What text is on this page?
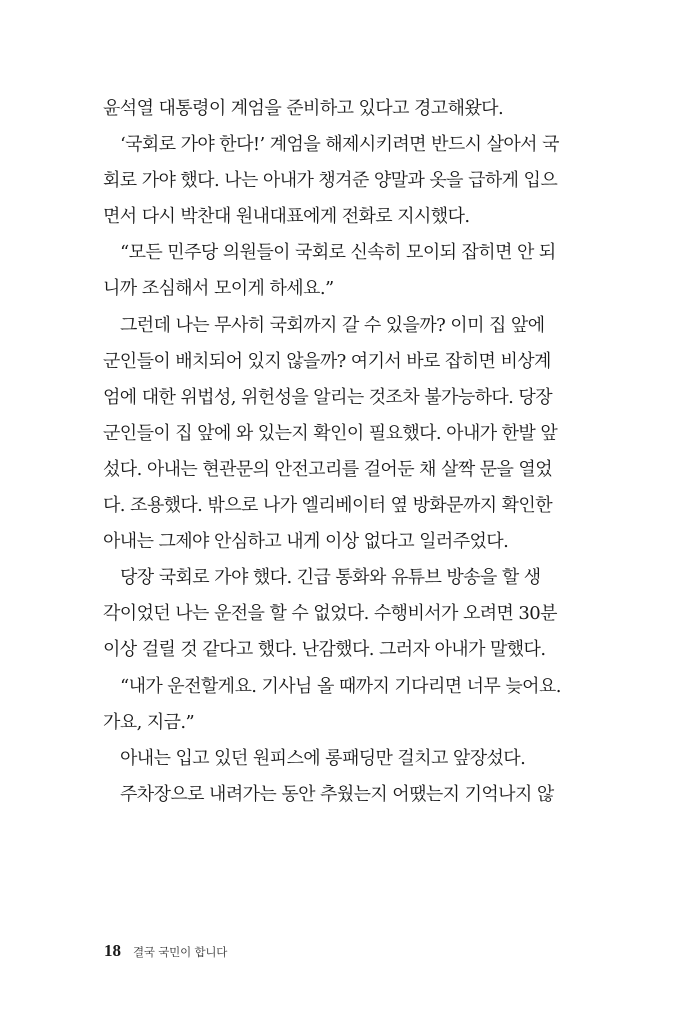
윤석열 대통령이 계엄을 준비하고 있다고 경고해왔다.
‘국회로 가야 한다!’ 계엄을 해제시키려면 반드시 살아서 국
회로 가야 했다. 나는 아내가 챙겨준 양말과 옷을 급하게 입으
면서 다시 박찬대 원내대표에게 전화로 지시했다.
“모든 민주당 의원들이 국회로 신속히 모이되 잡히면 안 되
니까 조심해서 모이게 하세요.”
그런데 나는 무사히 국회까지 갈 수 있을까? 이미 집 앞에
군인들이 배치되어 있지 않을까? 여기서 바로 잡히면 비상계
엄에 대한 위법성, 위헌성을 알리는 것조차 불가능하다. 당장
군인들이 집 앞에 와 있는지 확인이 필요했다. 아내가 한발 앞
섰다. 아내는 현관문의 안전고리를 걸어둔 채 살짝 문을 열었
다. 조용했다. 밖으로 나가 엘리베이터 옆 방화문까지 확인한
아내는 그제야 안심하고 내게 이상 없다고 일러주었다.
당장 국회로 가야 했다. 긴급 통화와 유튜브 방송을 할 생
각이었던 나는 운전을 할 수 없었다. 수행비서가 오려면 30분
이상 걸릴 것 같다고 했다. 난감했다. 그러자 아내가 말했다.
“내가 운전할게요. 기사님 올 때까지 기다리면 너무 늦어요.
가요, 지금.”
아내는 입고 있던 원피스에 롱패딩만 걸치고 앞장섰다.
주차장으로 내려가는 동안 추웠는지 어땠는지 기억나지 않
18 결국 국민이 합니다
